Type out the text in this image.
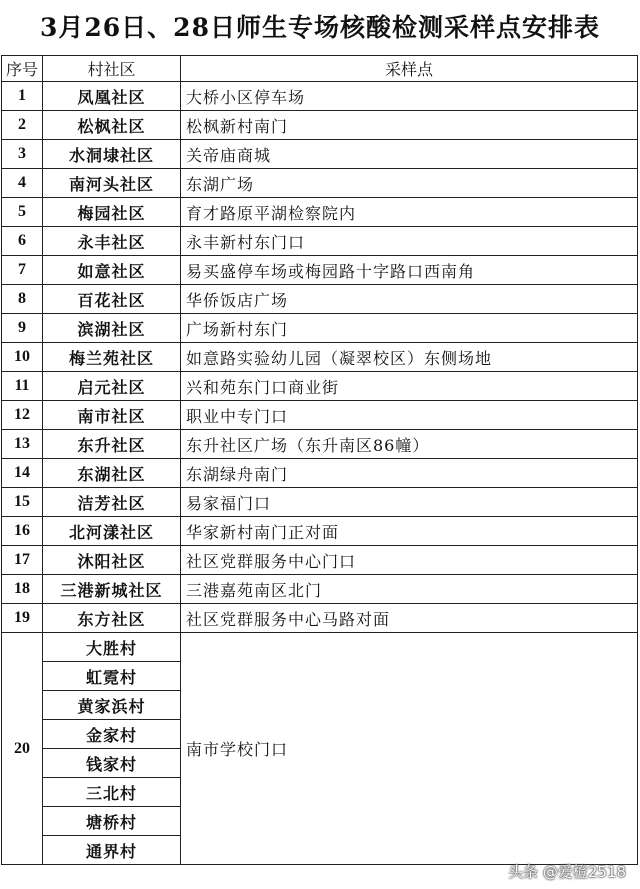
3月26日、28日师生专场核酸检测采样点安排表
序号	村社区	采样点
1	凤凰社区	大桥小区停车场
2	松枫社区	松枫新村南门
3	水洞埭社区	关帝庙商城
4	南河头社区	东湖广场
5	梅园社区	育才路原平湖检察院内
6	永丰社区	永丰新村东门口
7	如意社区	易买盛停车场或梅园路十字路口西南角
8	百花社区	华侨饭店广场
9	滨湖社区	广场新村东门
10	梅兰苑社区	如意路实验幼儿园（凝翠校区）东侧场地
11	启元社区	兴和苑东门口商业街
12	南市社区	职业中专门口
13	东升社区	东升社区广场（东升南区86幢）
14	东湖社区	东湖绿舟南门
15	洁芳社区	易家福门口
16	北河漾社区	华家新村南门正对面
17	沐阳社区	社区党群服务中心门口
18	三港新城社区	三港嘉苑南区北门
19	东方社区	社区党群服务中心马路对面
20	大胜村	南市学校门口
	虹霓村	
	黄家浜村	
	金家村	
	钱家村	
	三北村	
	塘桥村	
	通界村	
头条 @爱橙2518
